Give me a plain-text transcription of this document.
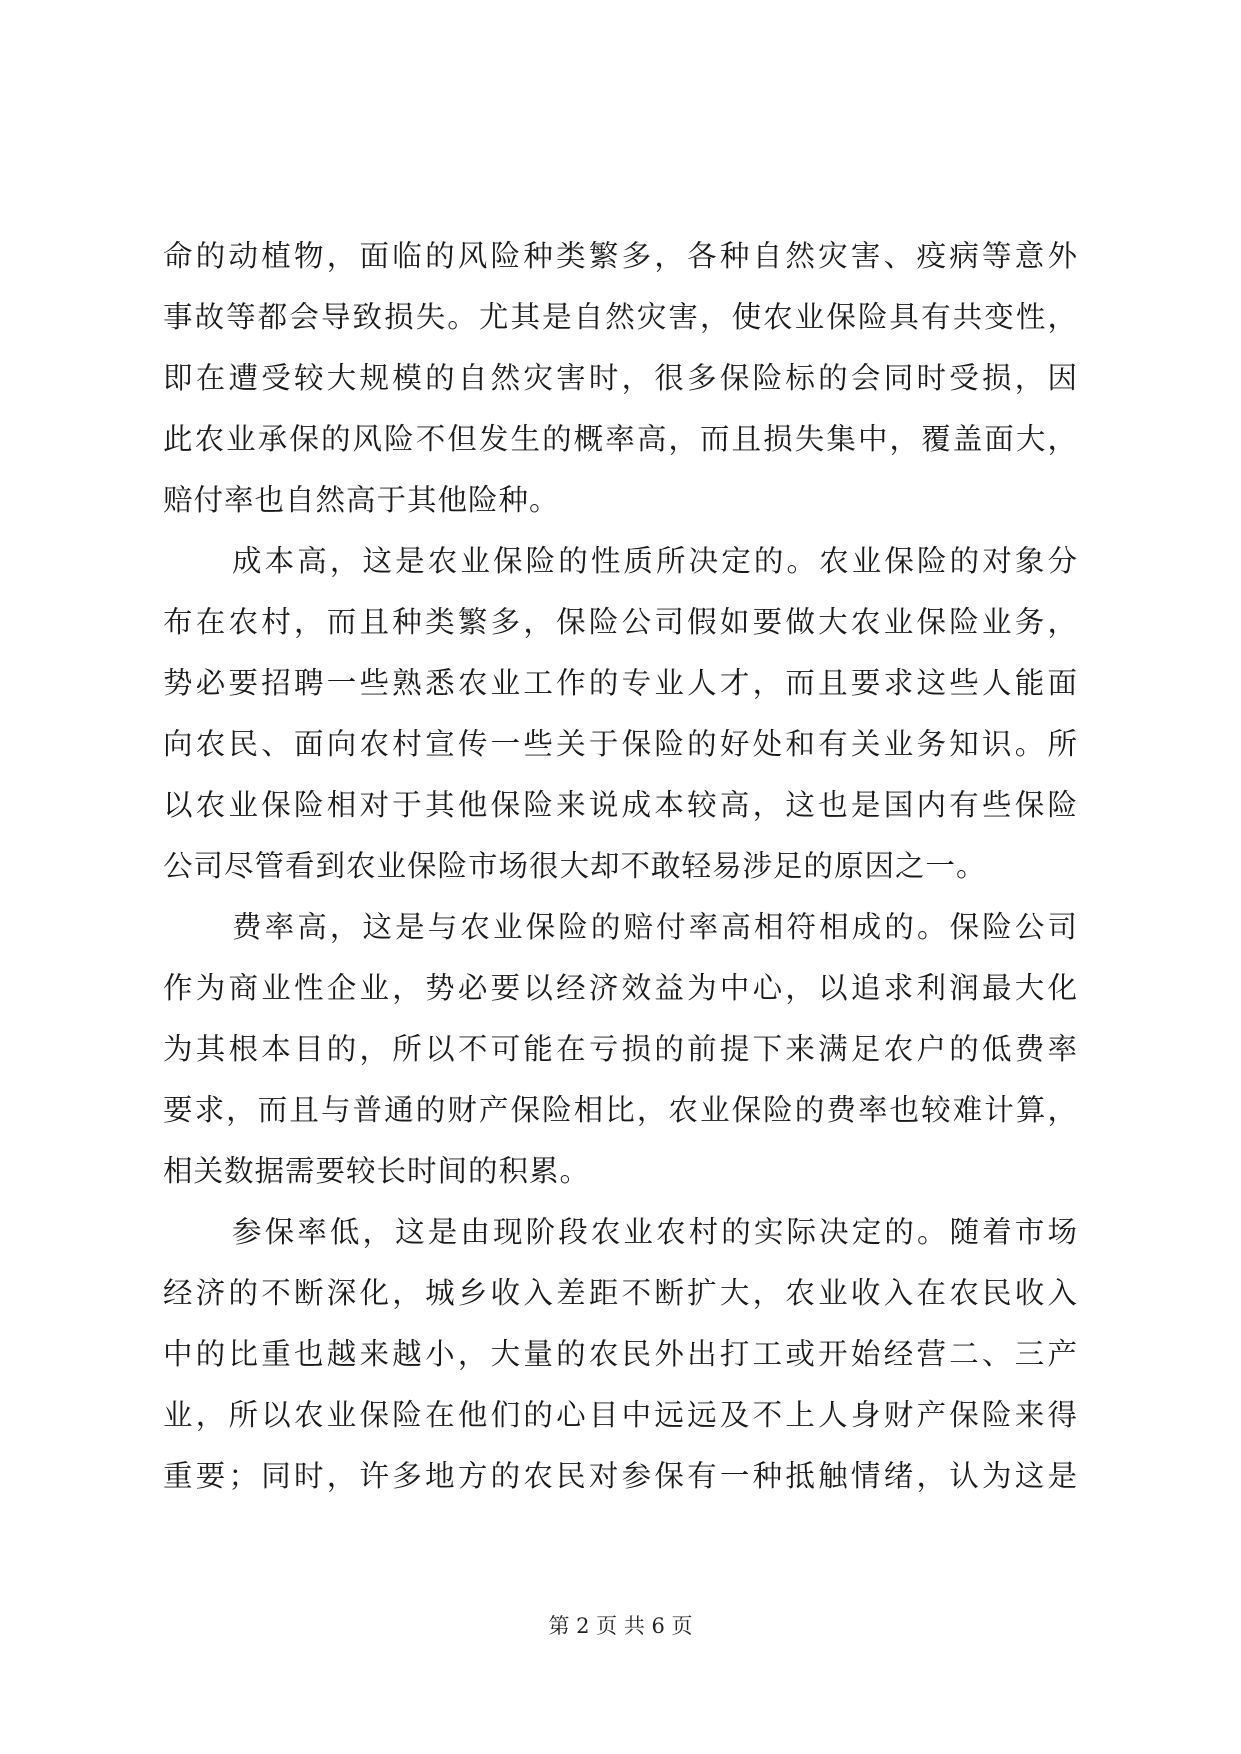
命的动植物，面临的风险种类繁多，各种自然灾害、疫病等意外
事故等都会导致损失。尤其是自然灾害，使农业保险具有共变性，
即在遭受较大规模的自然灾害时，很多保险标的会同时受损，因
此农业承保的风险不但发生的概率高，而且损失集中，覆盖面大，
赔付率也自然高于其他险种。
成本高，这是农业保险的性质所决定的。农业保险的对象分
布在农村，而且种类繁多，保险公司假如要做大农业保险业务，
势必要招聘一些熟悉农业工作的专业人才，而且要求这些人能面
向农民、面向农村宣传一些关于保险的好处和有关业务知识。所
以农业保险相对于其他保险来说成本较高，这也是国内有些保险
公司尽管看到农业保险市场很大却不敢轻易涉足的原因之一。
费率高，这是与农业保险的赔付率高相符相成的。保险公司
作为商业性企业，势必要以经济效益为中心，以追求利润最大化
为其根本目的，所以不可能在亏损的前提下来满足农户的低费率
要求，而且与普通的财产保险相比，农业保险的费率也较难计算，
相关数据需要较长时间的积累。
参保率低，这是由现阶段农业农村的实际决定的。随着市场
经济的不断深化，城乡收入差距不断扩大，农业收入在农民收入
中的比重也越来越小，大量的农民外出打工或开始经营二、三产
业，所以农业保险在他们的心目中远远及不上人身财产保险来得
重要；同时，许多地方的农民对参保有一种抵触情绪，认为这是
第 2 页 共 6 页
